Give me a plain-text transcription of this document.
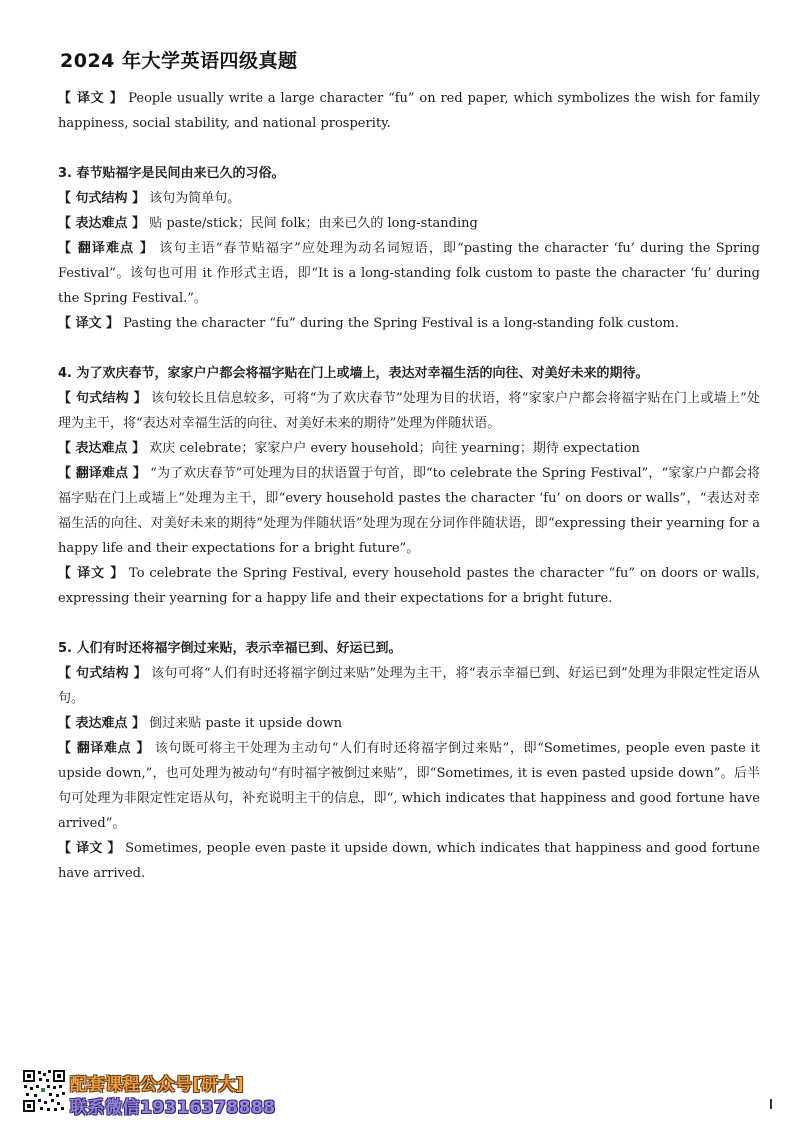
2024 年大学英语四级真题

【 译文 】 People usually write a large character “fu” on red paper, which symbolizes the wish for family happiness, social stability, and national prosperity.

3. 春节贴福字是民间由来已久的习俗。

【 句式结构 】 该句为简单句。

【 表达难点 】 贴 paste/stick；民间 folk；由来已久的 long-standing

【 翻译难点 】 该句主语“春节贴福字”应处理为动名词短语，即“pasting the character ‘fu’ during the Spring Festival”。该句也可用 it 作形式主语，即“It is a long-standing folk custom to paste the character ‘fu’ during the Spring Festival.”。

【 译文 】 Pasting the character “fu” during the Spring Festival is a long-standing folk custom.

4. 为了欢庆春节，家家户户都会将福字贴在门上或墙上，表达对幸福生活的向往、对美好未来的期待。

【 句式结构 】 该句较长且信息较多，可将“为了欢庆春节”处理为目的状语，将“家家户户都会将福字贴在门上或墙上”处理为主干，将“表达对幸福生活的向往、对美好未来的期待”处理为伴随状语。

【 表达难点 】 欢庆 celebrate；家家户户 every household；向往 yearning；期待 expectation

【 翻译难点 】 “为了欢庆春节”可处理为目的状语置于句首，即“to celebrate the Spring Festival”，“家家户户都会将福字贴在门上或墙上”处理为主干，即“every household pastes the character ‘fu’ on doors or walls”，“表达对幸福生活的向往、对美好未来的期待”处理为伴随状语”处理为现在分词作伴随状语，即“expressing their yearning for a happy life and their expectations for a bright future”。

【 译文 】 To celebrate the Spring Festival, every household pastes the character “fu” on doors or walls, expressing their yearning for a happy life and their expectations for a bright future.

5. 人们有时还将福字倒过来贴，表示幸福已到、好运已到。

【 句式结构 】 该句可将“人们有时还将福字倒过来贴”处理为主干，将“表示幸福已到、好运已到”处理为非限定性定语从句。

【 表达难点 】 倒过来贴 paste it upside down

【 翻译难点 】 该句既可将主干处理为主动句“人们有时还将福字倒过来贴”，即“Sometimes, people even paste it upside down,”，也可处理为被动句“有时福字被倒过来贴”，即“Sometimes, it is even pasted upside down”。后半句可处理为非限定性定语从句，补充说明主干的信息，即“, which indicates that happiness and good fortune have arrived”。

【 译文 】 Sometimes, people even paste it upside down, which indicates that happiness and good fortune have arrived.

配套课程公众号[研大]
联系微信19316378888
